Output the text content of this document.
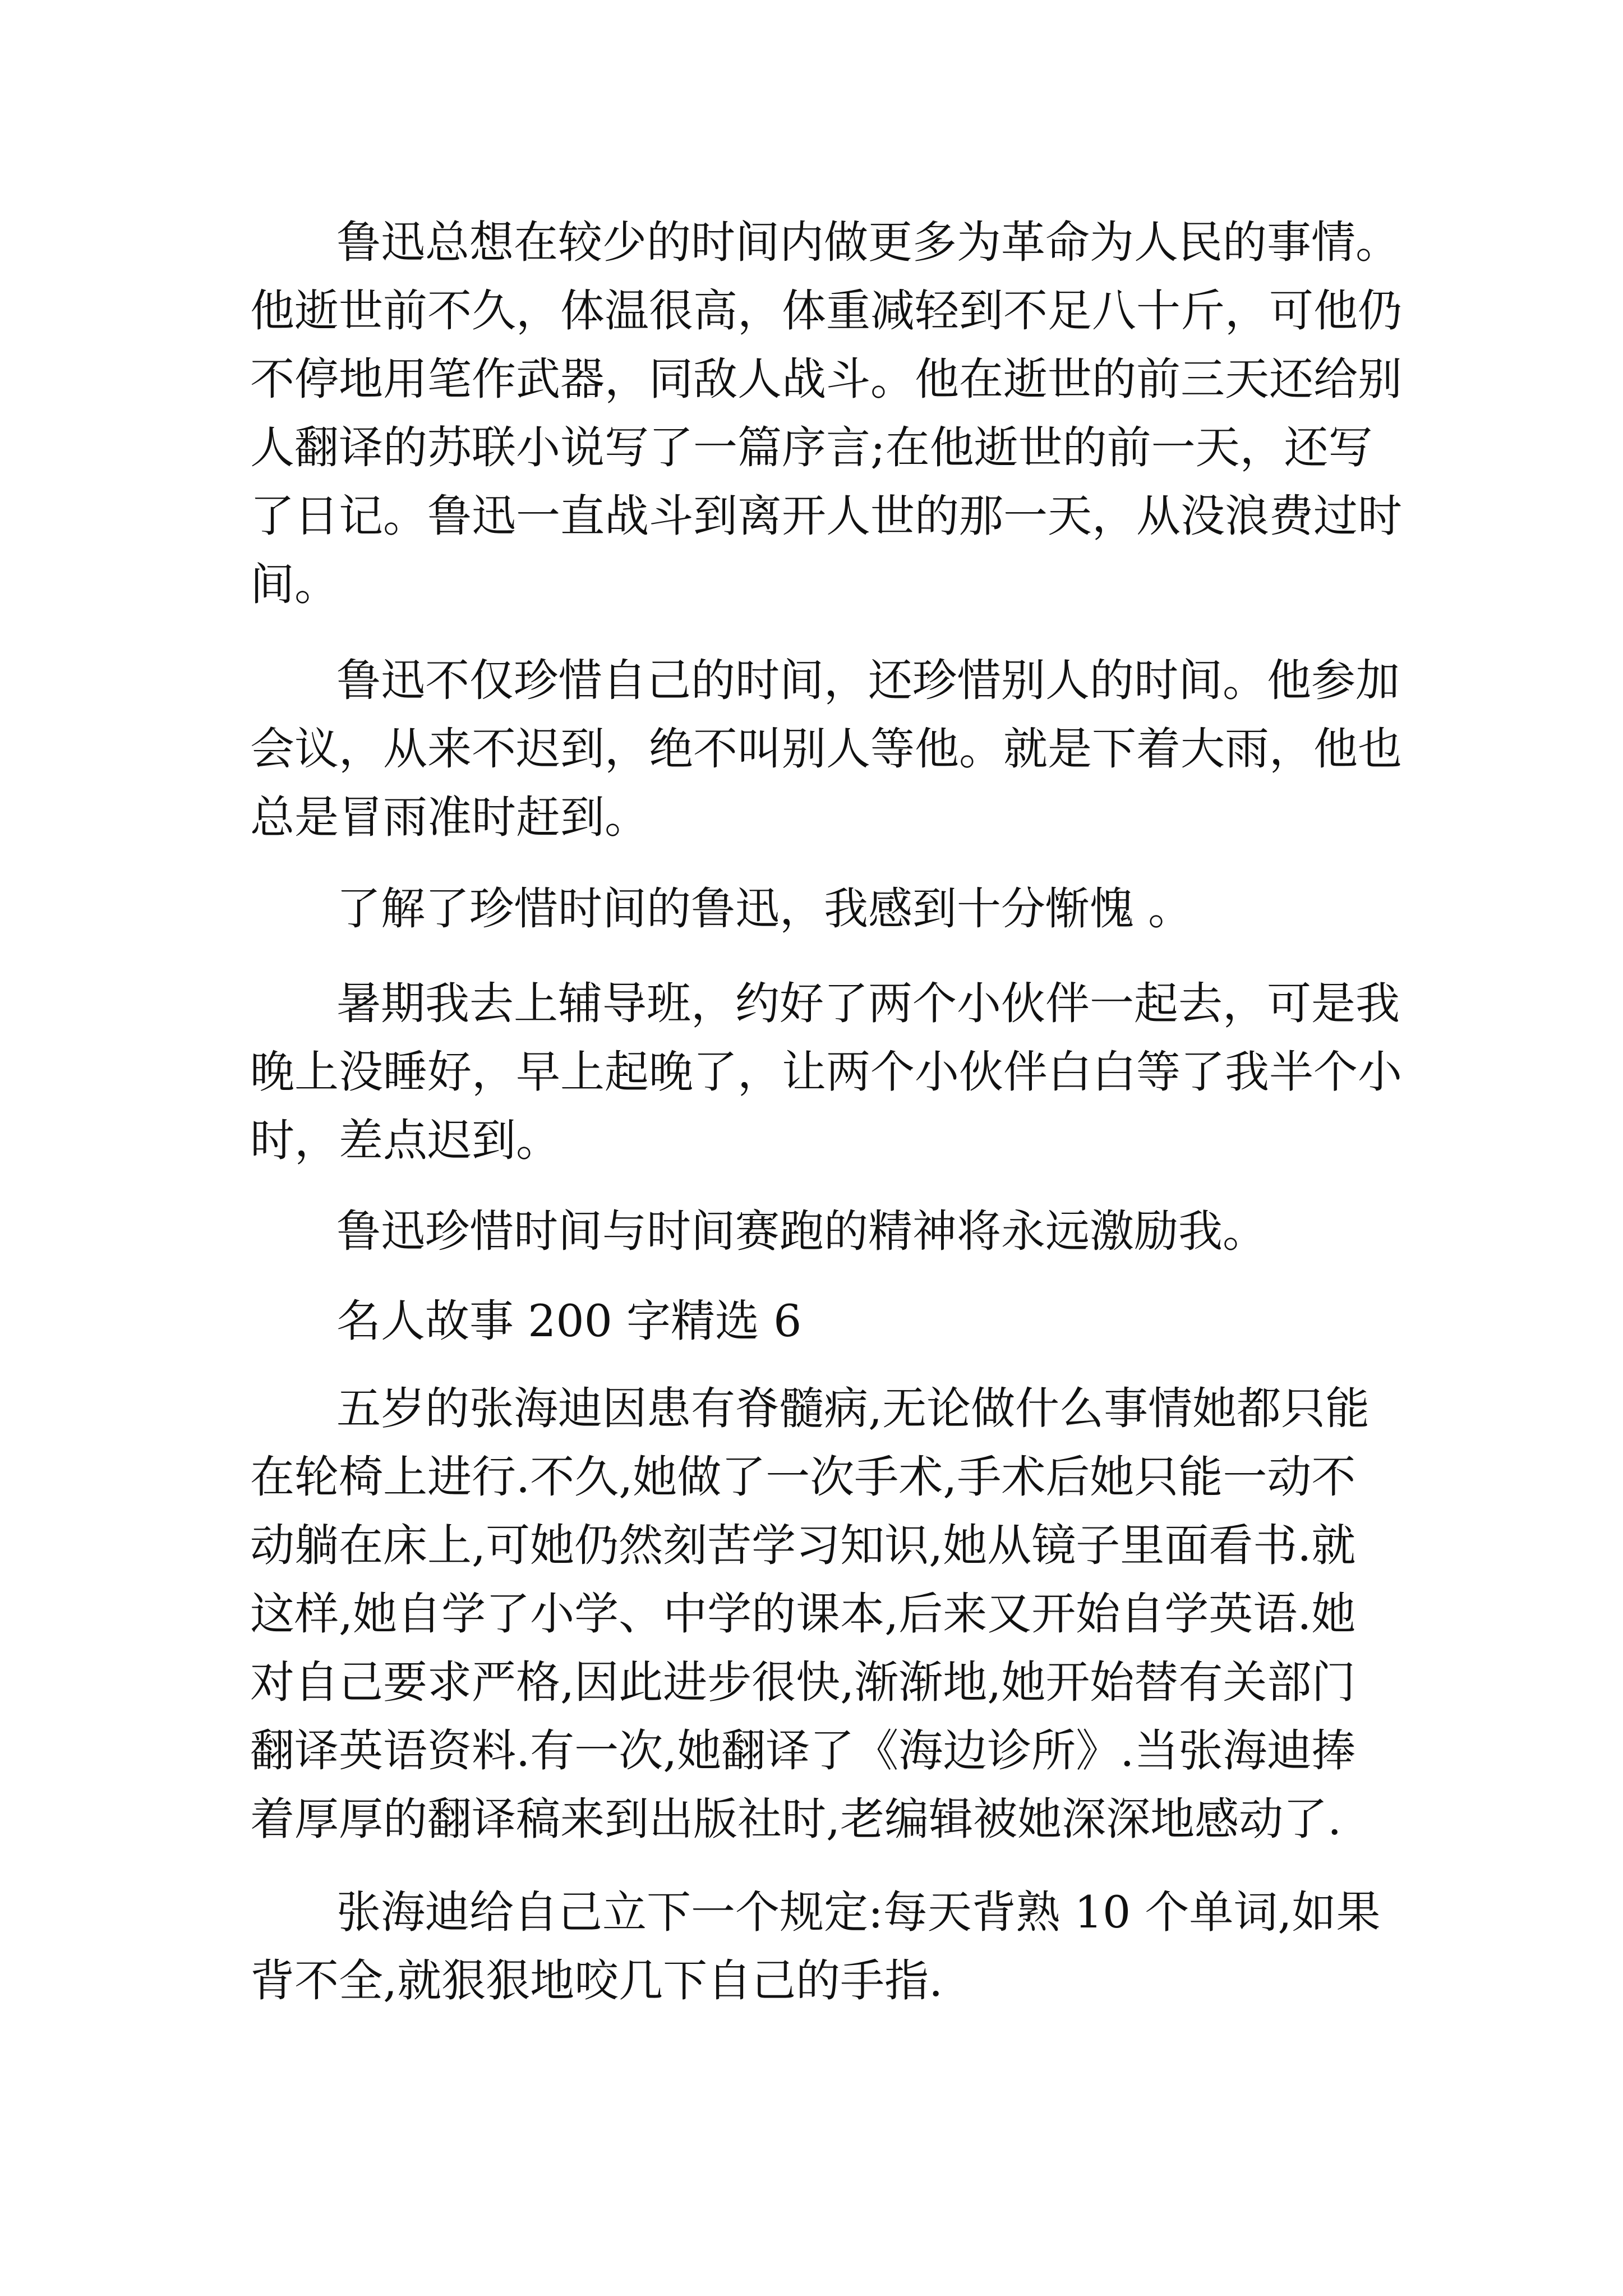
鲁迅总想在较少的时间内做更多为革命为人民的事情。

他逝世前不久，体温很高，体重减轻到不足八十斤，可他仍

不停地用笔作武器，同敌人战斗。他在逝世的前三天还给别

人翻译的苏联小说写了一篇序言;在他逝世的前一天，还写

了日记。鲁迅一直战斗到离开人世的那一天，从没浪费过时

间。

鲁迅不仅珍惜自己的时间，还珍惜别人的时间。他参加

会议，从来不迟到，绝不叫别人等他。就是下着大雨，他也

总是冒雨准时赶到。

了解了珍惜时间的鲁迅，我感到十分惭愧 。

暑期我去上辅导班，约好了两个小伙伴一起去，可是我

晚上没睡好，早上起晚了，让两个小伙伴白白等了我半个小

时，差点迟到。

鲁迅珍惜时间与时间赛跑的精神将永远激励我。

名人故事 200 字精选 6

五岁的张海迪因患有脊髓病,无论做什么事情她都只能

在轮椅上进行.不久,她做了一次手术,手术后她只能一动不

动躺在床上,可她仍然刻苦学习知识,她从镜子里面看书.就

这样,她自学了小学、中学的课本,后来又开始自学英语.她

对自己要求严格,因此进步很快,渐渐地,她开始替有关部门

翻译英语资料.有一次,她翻译了《海边诊所》.当张海迪捧

着厚厚的翻译稿来到出版社时,老编辑被她深深地感动了.

张海迪给自己立下一个规定:每天背熟 10 个单词,如果

背不全,就狠狠地咬几下自己的手指.
